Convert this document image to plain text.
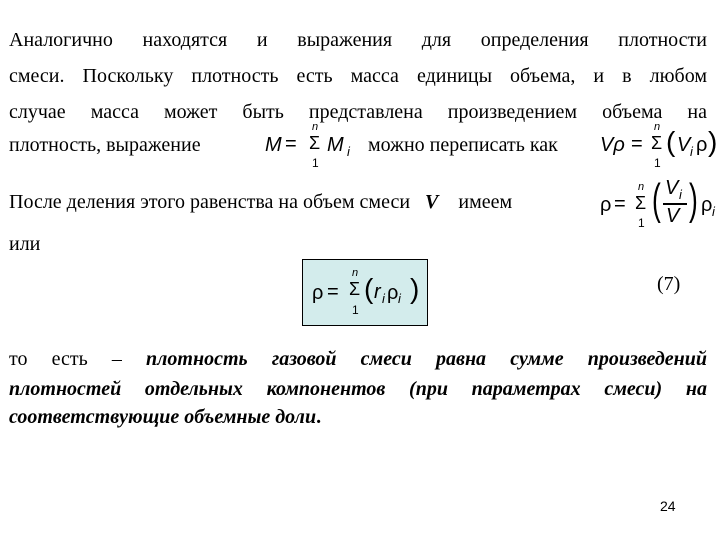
Аналогично находятся и выражения для определения плотности
смеси. Поскольку плотность есть масса единицы объема, и в любом
случае масса может быть представлена произведением объема на
плотность, выражение	можно переписать как
M =
n
Σ
1
M i	Vρ =
n
Σ
1
( V i ρ )
После деления этого равенства на объем смеси V имеем	ρ =
n
Σ
1 ( V i
V ) ρ i
или
ρ =
n
Σ
1
( r i ρ i )	(7)
то есть – плотность газовой смеси равна сумме произведений
плотностей отдельных компонентов (при параметрах смеси) на
соответствующие объемные доли.
24
